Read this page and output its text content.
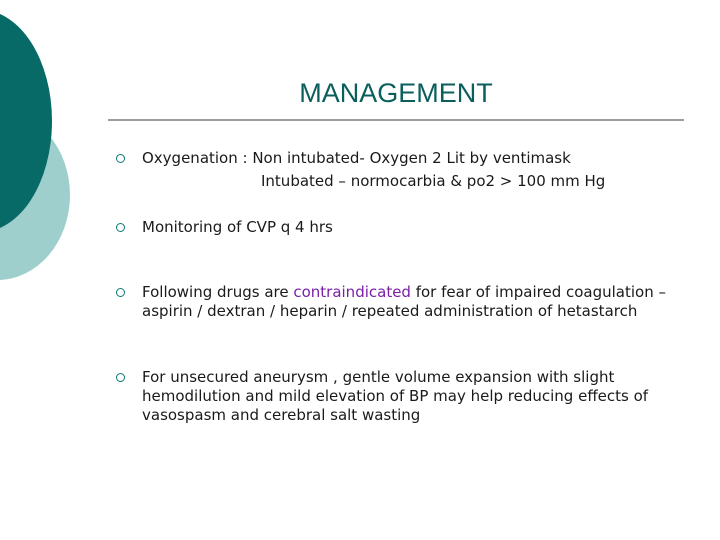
MANAGEMENT
Oxygenation : Non intubated- Oxygen 2 Lit by ventimask
Intubated – normocarbia & po2 > 100 mm Hg
Monitoring of CVP q 4 hrs
Following drugs are contraindicated for fear of impaired coagulation – aspirin / dextran / heparin / repeated administration of hetastarch
For unsecured aneurysm , gentle volume expansion with slight hemodilution and mild elevation of BP may help reducing effects of vasospasm and cerebral salt wasting
